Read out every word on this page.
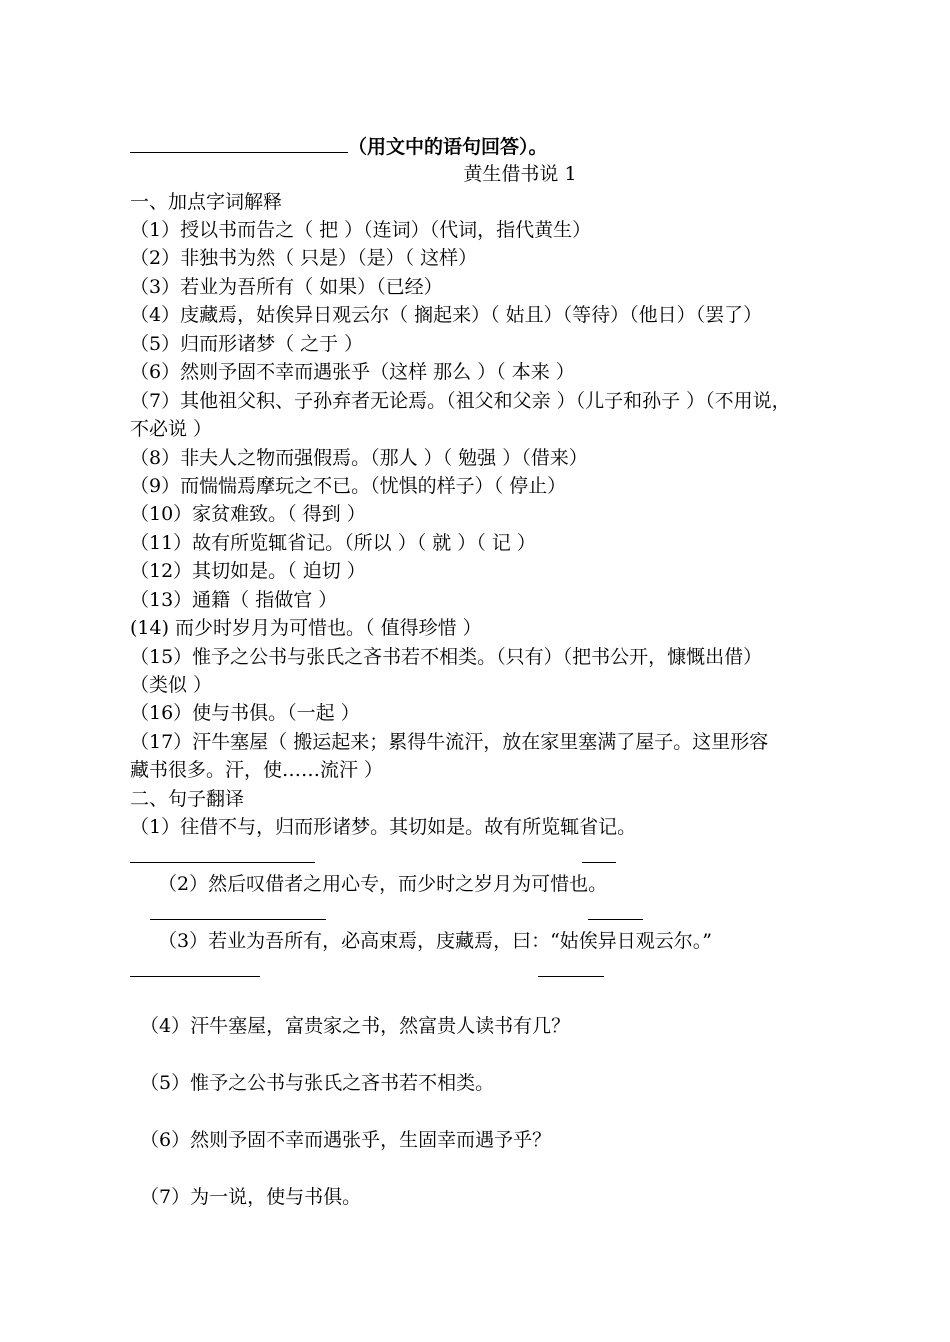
（用文中的语句回答）。
黄生借书说 1
一、加点字词解释
（1）授以书而告之（ 把 ）（连词）（代词，指代黄生）
（2）非独书为然（ 只是）（是）（ 这样）
（3）若业为吾所有（ 如果）（已经）
（4）庋藏焉，姑俟异日观云尔（ 搁起来）（ 姑且）（等待）（他日）（罢了）
（5）归而形诸梦（ 之于 ）
（6）然则予固不幸而遇张乎（这样 那么 ）（ 本来 ）
（7）其他祖父积、子孙弃者无论焉。（祖父和父亲 ）（儿子和孙子 ）（不用说，
不必说 ）
（8）非夫人之物而强假焉。（那人 ）（ 勉强 ）（借来）
（9）而惴惴焉摩玩之不已。（忧惧的样子）（ 停止）
（10）家贫难致。（ 得到 ）
（11）故有所览辄省记。（所以 ）（ 就 ）（ 记 ）
（12）其切如是。（ 迫切 ）
（13）通籍（ 指做官 ）
(14) 而少时岁月为可惜也。（ 值得珍惜 ）
（15）惟予之公书与张氏之吝书若不相类。（只有）（把书公开，慷慨出借）
（类似 ）
（16）使与书俱。（一起 ）
（17）汗牛塞屋（ 搬运起来；累得牛流汗，放在家里塞满了屋子。这里形容
藏书很多。汗，使……流汗 ）
二、句子翻译
（1）往借不与，归而形诸梦。其切如是。故有所览辄省记。
（2）然后叹借者之用心专，而少时之岁月为可惜也。
（3）若业为吾所有，必高束焉，庋藏焉，曰：“姑俟异日观云尔。”
（4）汗牛塞屋，富贵家之书，然富贵人读书有几？
（5）惟予之公书与张氏之吝书若不相类。
（6）然则予固不幸而遇张乎，生固幸而遇予乎？
（7）为一说，使与书俱。
